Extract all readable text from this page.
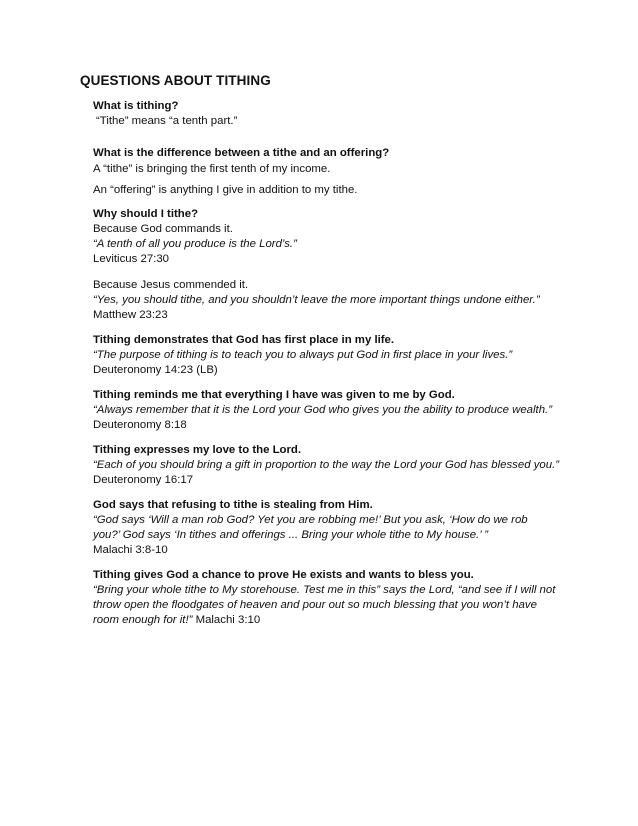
QUESTIONS ABOUT TITHING
What is tithing?
“Tithe” means “a tenth part.”
What is the difference between a tithe and an offering?
A “tithe” is bringing the first tenth of my income.
An “offering” is anything I give in addition to my tithe.
Why should I tithe?
Because God commands it.
“A tenth of all you produce is the Lord’s.”
Leviticus 27:30
Because Jesus commended it.
“Yes, you should tithe, and you shouldn’t leave the more important things undone either.”
Matthew 23:23
Tithing demonstrates that God has first place in my life.
“The purpose of tithing is to teach you to always put God in first place in your lives.”
Deuteronomy 14:23 (LB)
Tithing reminds me that everything I have was given to me by God.
“Always remember that it is the Lord your God who gives you the ability to produce wealth.”
Deuteronomy 8:18
Tithing expresses my love to the Lord.
“Each of you should bring a gift in proportion to the way the Lord your God has blessed you.”
Deuteronomy 16:17
God says that refusing to tithe is stealing from Him.
“God says ‘Will a man rob God? Yet you are robbing me!’ But you ask, ‘How do we rob
you?’ God says ‘In tithes and offerings ... Bring your whole tithe to My house.’ ”
Malachi 3:8-10
Tithing gives God a chance to prove He exists and wants to bless you.
“Bring your whole tithe to My storehouse. Test me in this” says the Lord, “and see if I will not
throw open the floodgates of heaven and pour out so much blessing that you won’t have
room enough for it!” Malachi 3:10
